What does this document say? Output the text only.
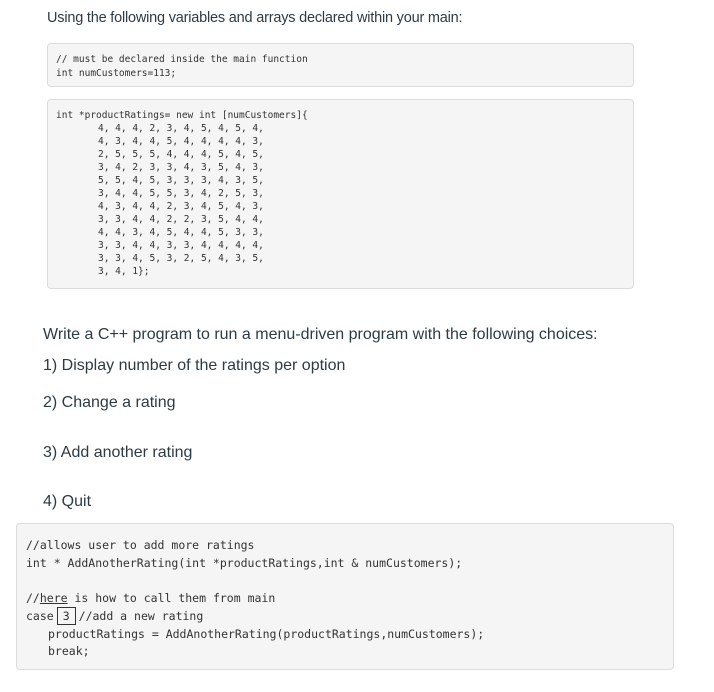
Using the following variables and arrays declared within your main:
// must be declared inside the main function
int numCustomers=113;
int *productRatings= new int [numCustomers]{
4, 4, 4, 2, 3, 4, 5, 4, 5, 4,
4, 3, 4, 4, 5, 4, 4, 4, 4, 3,
2, 5, 5, 5, 4, 4, 4, 5, 4, 5,
3, 4, 2, 3, 3, 4, 3, 5, 4, 3,
5, 5, 4, 5, 3, 3, 3, 4, 3, 5,
3, 4, 4, 5, 5, 3, 4, 2, 5, 3,
4, 3, 4, 4, 2, 3, 4, 5, 4, 3,
3, 3, 4, 4, 2, 2, 3, 5, 4, 4,
4, 4, 3, 4, 5, 4, 4, 5, 3, 3,
3, 3, 4, 4, 3, 3, 4, 4, 4, 4,
3, 3, 4, 5, 3, 2, 5, 4, 3, 5,
3, 4, 1};
Write a C++ program to run a menu-driven program with the following choices:
1) Display number of the ratings per option
2) Change a rating
3) Add another rating
4) Quit
//allows user to add more ratings
int * AddAnotherRating(int *productRatings,int & numCustomers);

//here is how to call them from main
case 3 //add a new rating
productRatings = AddAnotherRating(productRatings,numCustomers);
break;
